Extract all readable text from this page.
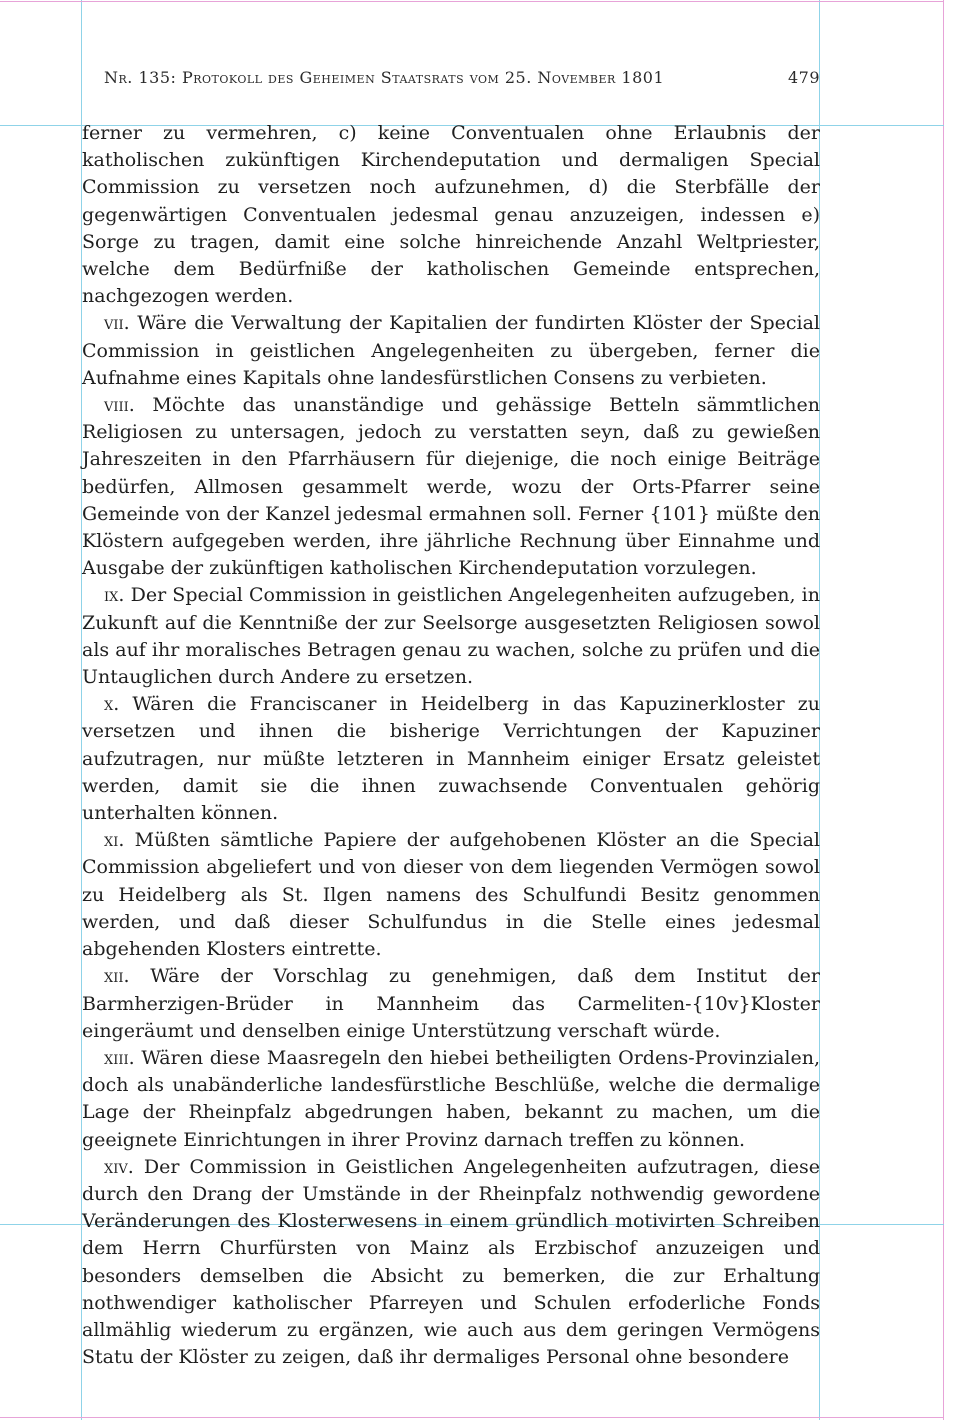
Nr. 135: Protokoll des Geheimen Staatsrats vom 25. November 1801	479

ferner zu vermehren, c) keine Conventualen ohne Erlaubnis der katholischen zukünftigen Kirchendeputation und dermaligen Special Commission zu versetzen noch aufzunehmen, d) die Sterbfälle der gegenwärtigen Conventualen jedesmal genau anzuzeigen, indessen e) Sorge zu tragen, damit eine solche hinreichende Anzahl Weltpriester, welche dem Bedürfniße der katholischen Gemeinde entsprechen, nachgezogen werden.

vii. Wäre die Verwaltung der Kapitalien der fundirten Klöster der Special Commission in geistlichen Angelegenheiten zu übergeben, ferner die Aufnahme eines Kapitals ohne landesfürstlichen Consens zu verbieten.

viii. Möchte das unanständige und gehässige Betteln sämmtlichen Religiosen zu untersagen, jedoch zu verstatten seyn, daß zu gewießen Jahreszeiten in den Pfarrhäusern für diejenige, die noch einige Beiträge bedürfen, Allmosen gesammelt werde, wozu der Orts-Pfarrer seine Gemeinde von der Kanzel jedesmal ermahnen soll. Ferner {101} müßte den Klöstern aufgegeben werden, ihre jährliche Rechnung über Einnahme und Ausgabe der zukünftigen katholischen Kirchendeputation vorzulegen.

ix. Der Special Commission in geistlichen Angelegenheiten aufzugeben, in Zukunft auf die Kenntniße der zur Seelsorge ausgesetzten Religiosen sowol als auf ihr moralisches Betragen genau zu wachen, solche zu prüfen und die Untauglichen durch Andere zu ersetzen.

x. Wären die Franciscaner in Heidelberg in das Kapuzinerkloster zu versetzen und ihnen die bisherige Verrichtungen der Kapuziner aufzutragen, nur müßte letzteren in Mannheim einiger Ersatz geleistet werden, damit sie die ihnen zuwachsende Conventualen gehörig unterhalten können.

xi. Müßten sämtliche Papiere der aufgehobenen Klöster an die Special Commission abgeliefert und von dieser von dem liegenden Vermögen sowol zu Heidelberg als St. Ilgen namens des Schulfundi Besitz genommen werden, und daß dieser Schulfundus in die Stelle eines jedesmal abgehenden Klosters eintrette.

xii. Wäre der Vorschlag zu genehmigen, daß dem Institut der Barmherzigen-Brüder in Mannheim das Carmeliten-{10v}Kloster eingeräumt und denselben einige Unterstützung verschaft würde.

xiii. Wären diese Maasregeln den hiebei betheiligten Ordens-Provinzialen, doch als unabänderliche landesfürstliche Beschlüße, welche die dermalige Lage der Rheinpfalz abgedrungen haben, bekannt zu machen, um die geeignete Einrichtungen in ihrer Provinz darnach treffen zu können.

xiv. Der Commission in Geistlichen Angelegenheiten aufzutragen, diese durch den Drang der Umstände in der Rheinpfalz nothwendig gewordene Veränderungen des Klosterwesens in einem gründlich motivirten Schreiben dem Herrn Churfürsten von Mainz als Erzbischof anzuzeigen und besonders demselben die Absicht zu bemerken, die zur Erhaltung nothwendiger katholischer Pfarreyen und Schulen erfoderliche Fonds allmählig wiederum zu ergänzen, wie auch aus dem geringen Vermögens Statu der Klöster zu zeigen, daß ihr dermaliges Personal ohne besondere
